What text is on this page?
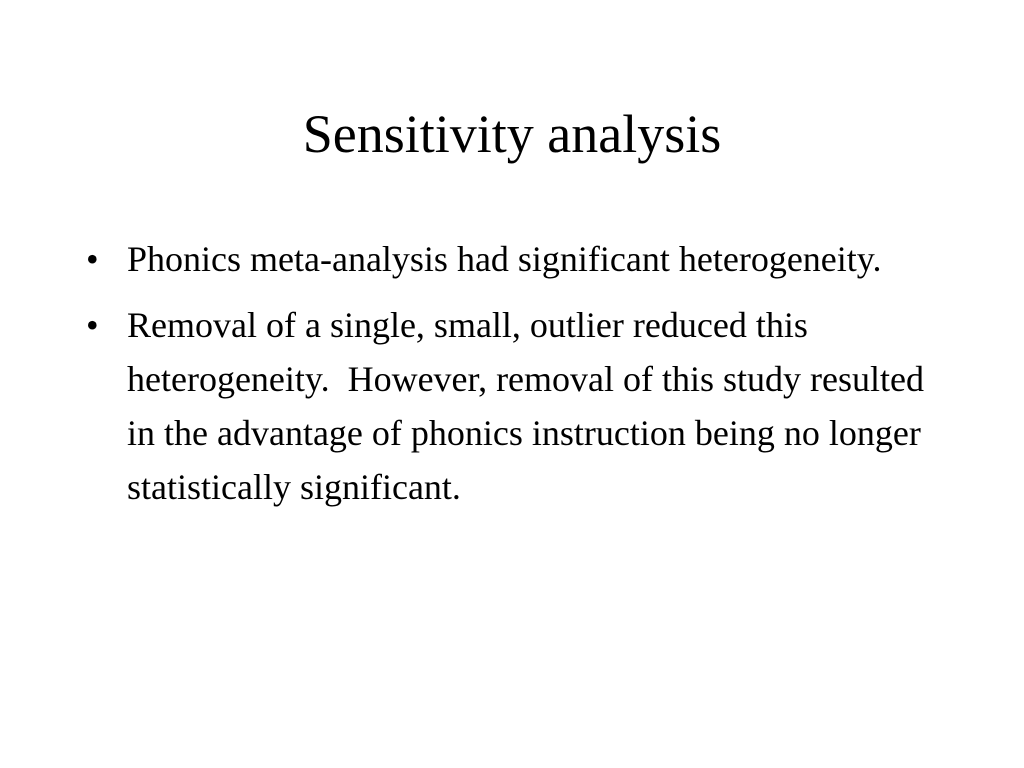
Sensitivity analysis
• Phonics meta-analysis had significant heterogeneity.
• Removal of a single, small, outlier reduced this heterogeneity.  However, removal of this study resulted in the advantage of phonics instruction being no longer statistically significant.
